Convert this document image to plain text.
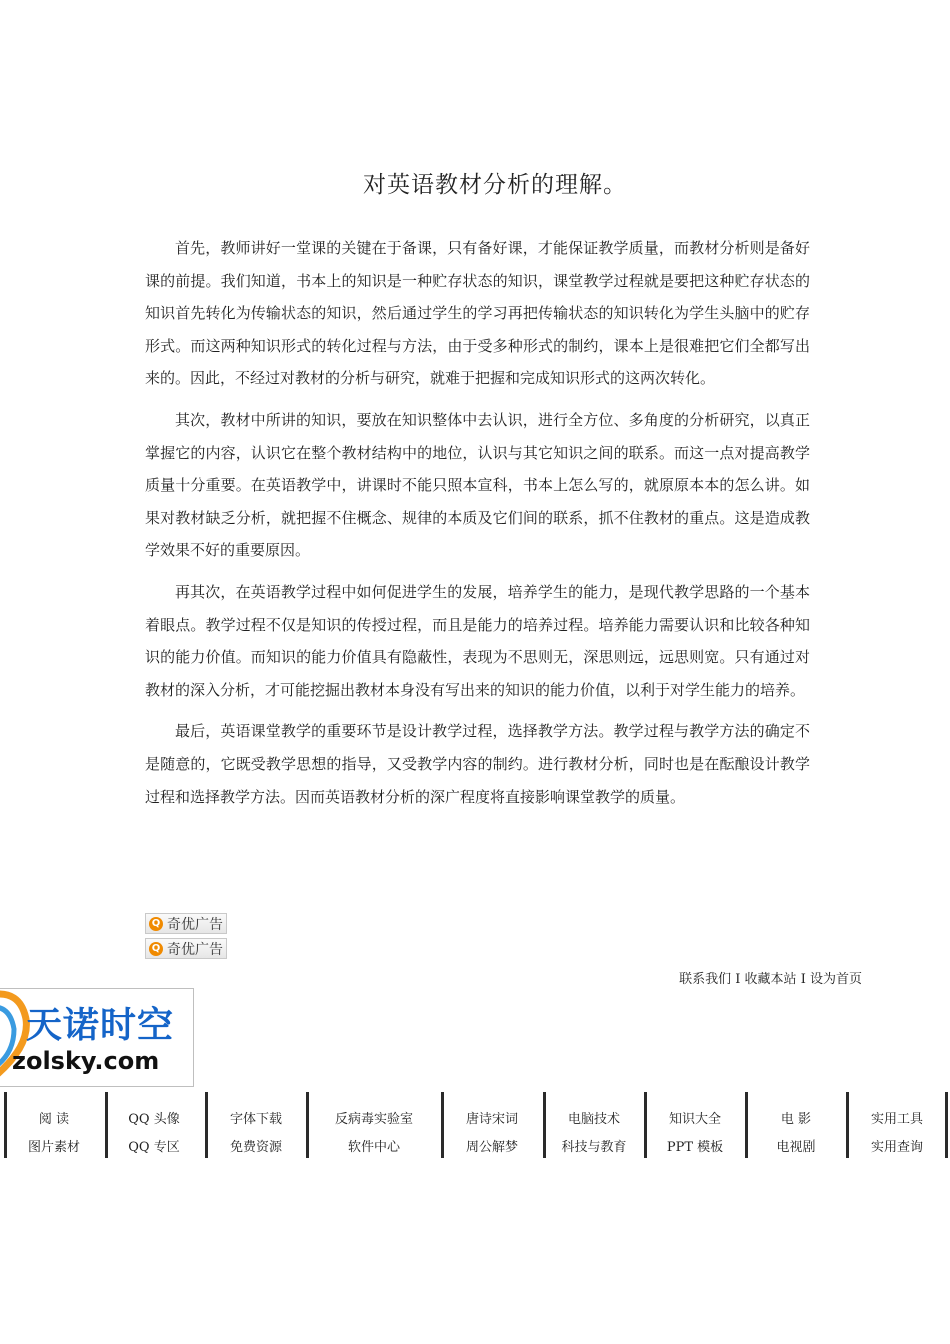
对英语教材分析的理解。

首先，教师讲好一堂课的关键在于备课，只有备好课，才能保证教学质量，而教材分析则是备好课的前提。我们知道，书本上的知识是一种贮存状态的知识，课堂教学过程就是要把这种贮存状态的知识首先转化为传输状态的知识，然后通过学生的学习再把传输状态的知识转化为学生头脑中的贮存形式。而这两种知识形式的转化过程与方法，由于受多种形式的制约，课本上是很难把它们全都写出来的。因此，不经过对教材的分析与研究，就难于把握和完成知识形式的这两次转化。

其次，教材中所讲的知识，要放在知识整体中去认识，进行全方位、多角度的分析研究，以真正掌握它的内容，认识它在整个教材结构中的地位，认识与其它知识之间的联系。而这一点对提高教学质量十分重要。在英语教学中，讲课时不能只照本宣科，书本上怎么写的，就原原本本的怎么讲。如果对教材缺乏分析，就把握不住概念、规律的本质及它们间的联系，抓不住教材的重点。这是造成教学效果不好的重要原因。

再其次，在英语教学过程中如何促进学生的发展，培养学生的能力，是现代教学思路的一个基本着眼点。教学过程不仅是知识的传授过程，而且是能力的培养过程。培养能力需要认识和比较各种知识的能力价值。而知识的能力价值具有隐蔽性，表现为不思则无，深思则远，远思则宽。只有通过对教材的深入分析，才可能挖掘出教材本身没有写出来的知识的能力价值，以利于对学生能力的培养。

最后，英语课堂教学的重要环节是设计教学过程，选择教学方法。教学过程与教学方法的确定不是随意的，它既受教学思想的指导，又受教学内容的制约。进行教材分析，同时也是在酝酿设计教学过程和选择教学方法。因而英语教材分析的深广程度将直接影响课堂教学的质量。

Q 奇优广告
Q 奇优广告
联系我们 I 收藏本站 I 设为首页
天诺时空
zolsky.com
阅 读
图片素材
QQ 头像
QQ 专区
字体下载
免费资源
反病毒实验室
软件中心
唐诗宋词
周公解梦
电脑技术
科技与教育
知识大全
PPT 模板
电 影
电视剧
实用工具
实用查询
